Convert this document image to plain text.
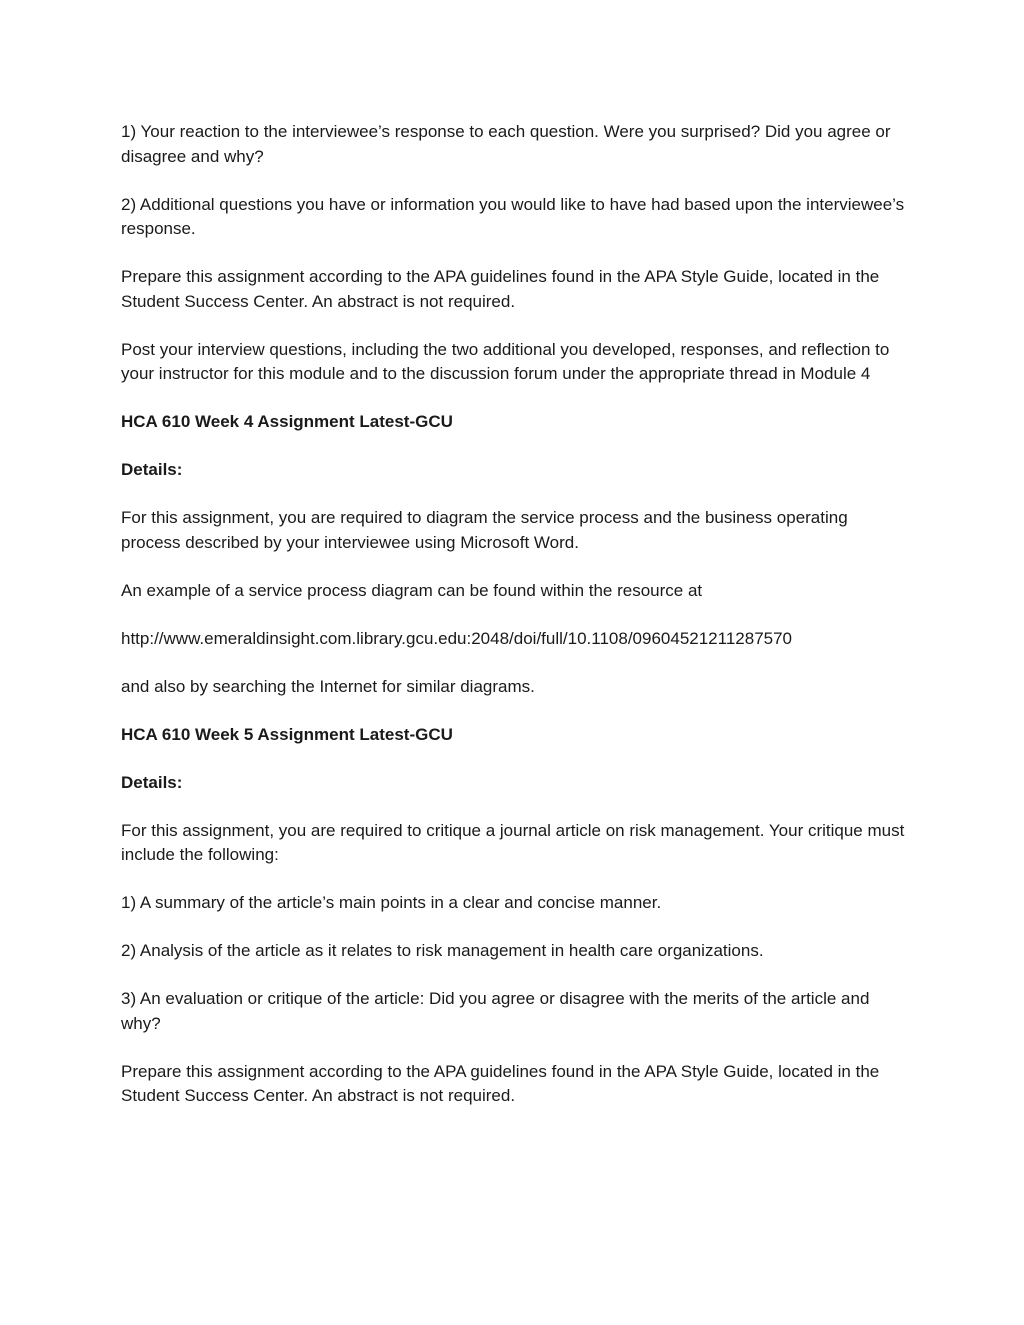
1) Your reaction to the interviewee’s response to each question. Were you surprised? Did you agree or disagree and why?

2) Additional questions you have or information you would like to have had based upon the interviewee’s response.

Prepare this assignment according to the APA guidelines found in the APA Style Guide, located in the Student Success Center. An abstract is not required.

Post your interview questions, including the two additional you developed, responses, and reflection to your instructor for this module and to the discussion forum under the appropriate thread in Module 4

HCA 610 Week 4 Assignment Latest-GCU

Details:

For this assignment, you are required to diagram the service process and the business operating process described by your interviewee using Microsoft Word.

An example of a service process diagram can be found within the resource at

http://www.emeraldinsight.com.library.gcu.edu:2048/doi/full/10.1108/09604521211287570

and also by searching the Internet for similar diagrams.

HCA 610 Week 5 Assignment Latest-GCU

Details:

For this assignment, you are required to critique a journal article on risk management. Your critique must include the following:

1) A summary of the article’s main points in a clear and concise manner.

2) Analysis of the article as it relates to risk management in health care organizations.

3) An evaluation or critique of the article: Did you agree or disagree with the merits of the article and why?

Prepare this assignment according to the APA guidelines found in the APA Style Guide, located in the Student Success Center. An abstract is not required.
